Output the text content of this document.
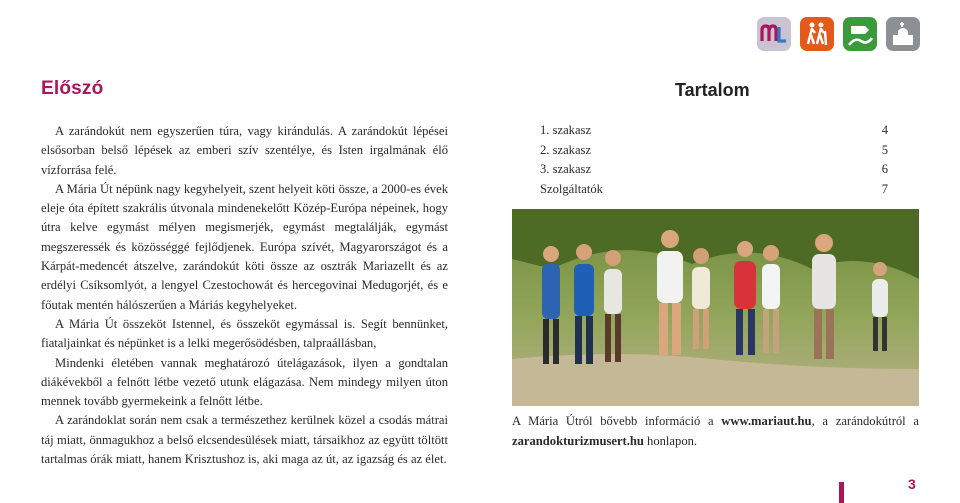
Előszó	Tartalom

A zarándokút nem egyszerűen túra, vagy kirándulás. A zarándokút lépései elsősorban belső lépések az emberi szív szentélye, és Isten irgalmának élő vízforrása felé.

A Mária Út népünk nagy kegyhelyeit, szent helyeit köti össze, a 2000-es évek eleje óta épített szakrális útvonala mindenekelőtt Közép-Európa népeinek, hogy útra kelve egymást mélyen megismerjék, egymást megtalálják, egymást megszeressék és közösséggé fejlődjenek. Európa szívét, Magyarországot és a Kárpát-medencét átszelve, zarándokút köti össze az osztrák Mariazellt és az erdélyi Csíksomlyót, a lengyel Czestochowát és hercegovinai Medugorjét, és e főutak mentén hálószerűen a Máriás kegyhelyeket.

A Mária Út összeköt Istennel, és összeköt egymással is. Segít bennünket, fiataljainkat és népünket is a lelki megerősödésben, talpraállásban,

Mindenki életében vannak meghatározó útelágazások, ilyen a gondtalan diákévekből a felnőtt létbe vezető utunk elágazása. Nem mindegy milyen úton mennek tovább gyermekeink a felnőtt létbe.

A zarándoklat során nem csak a természethez kerülnek közel a csodás mátrai táj miatt, önmagukhoz a belső elcsendesülések miatt, társaikhoz az együtt töltött tartalmas órák miatt, hanem Krisztushoz is, aki maga az út, az igazság és az élet.

1. szakasz	4
2. szakasz	5
3. szakasz	6
Szolgáltatók	7
A Mária Útról bővebb információ a www.mariaut.hu, a zarándokútról a zarandokturizmusert.hu honlapon.
3
